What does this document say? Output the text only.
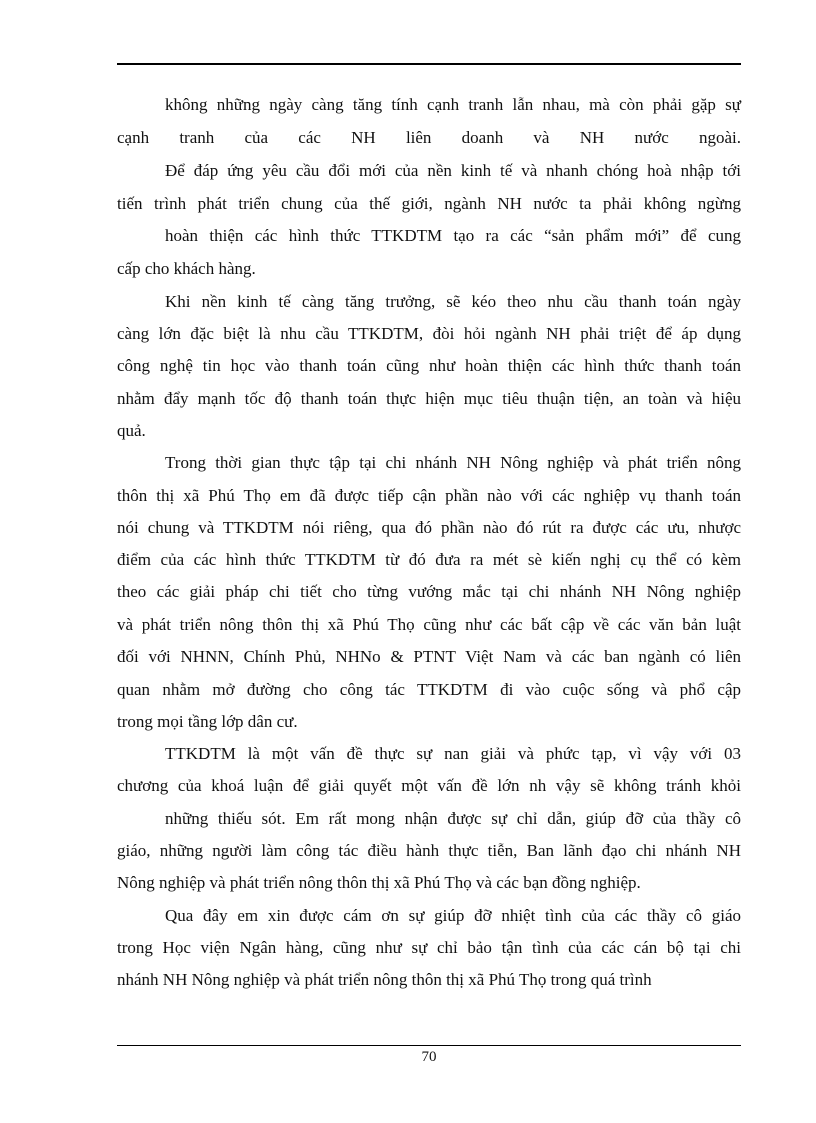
không những ngày càng tăng tính cạnh tranh lẫn nhau, mà còn phải gặp sự
cạnh tranh của các NH liên doanh và NH nước ngoài.
Để đáp ứng yêu cầu đổi mới của nền kinh tế và nhanh chóng hoà nhập tới
tiến trình phát triển chung của thế giới, ngành NH nước ta phải không ngừng
hoàn thiện các hình thức TTKDTM tạo ra các “sản phẩm mới” để cung
cấp cho khách hàng.
Khi nền kinh tế càng tăng trưởng, sẽ kéo theo nhu cầu thanh toán ngày
càng lớn đặc biệt là nhu cầu TTKDTM, đòi hỏi ngành NH phải triệt để áp dụng
công nghệ tin học vào thanh toán cũng như hoàn thiện các hình thức thanh toán
nhằm đẩy mạnh tốc độ thanh toán thực hiện mục tiêu thuận tiện, an toàn và hiệu
quả.
Trong thời gian thực tập tại chi nhánh NH Nông nghiệp và phát triển nông
thôn thị xã Phú Thọ em đã được tiếp cận phần nào với các nghiệp vụ thanh toán
nói chung và TTKDTM nói riêng, qua đó phần nào đó rút ra được các ưu, nhược
điểm của các hình thức TTKDTM từ đó đưa ra mét sè kiến nghị cụ thể có kèm
theo các giải pháp chi tiết cho từng vướng mắc tại chi nhánh NH Nông nghiệp
và phát triển nông thôn thị xã Phú Thọ cũng như các bất cập về các văn bản luật
đối với NHNN, Chính Phủ, NHNo & PTNT Việt Nam và các ban ngành có liên
quan nhằm mở đường cho công tác TTKDTM đi vào cuộc sống và phổ cập
trong mọi tầng lớp dân cư.
TTKDTM là một vấn đề thực sự nan giải và phức tạp, vì vậy với 03
chương của khoá luận để giải quyết một vấn đề lớn nh vậy sẽ không tránh khỏi
những thiếu sót. Em rất mong nhận được sự chỉ dẫn, giúp đỡ của thầy cô
giáo, những người làm công tác điều hành thực tiễn, Ban lãnh đạo chi nhánh NH
Nông nghiệp và phát triển nông thôn thị xã Phú Thọ và các bạn đồng nghiệp.
Qua đây em xin được cám ơn sự giúp đỡ nhiệt tình của các thầy cô giáo
trong Học viện Ngân hàng, cũng như sự chỉ bảo tận tình của các cán bộ tại chi
nhánh NH Nông nghiệp và phát triển nông thôn thị xã Phú Thọ trong quá trình
70
